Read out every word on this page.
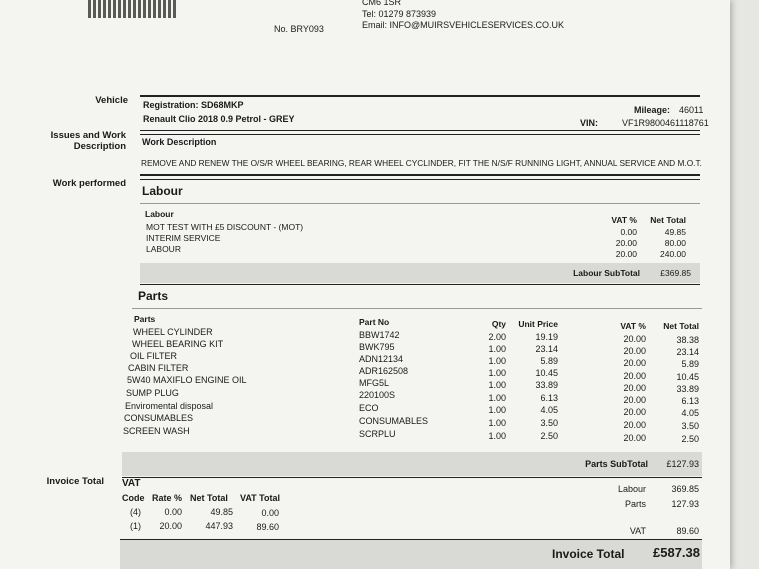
CM6 1SR
Tel: 01279 873939
Email: INFO@MUIRSVEHICLESERVICES.CO.UK
No. BRY093
Vehicle Registration: SD68MKP
Renault Clio 2018 0.9 Petrol - GREY
Mileage: 46011
VIN:	VF1R9800461118761
Issues and Work
Description Work Description
REMOVE AND RENEW THE O/S/R WHEEL BEARING, REAR WHEEL CYCLINDER, FIT THE N/S/F RUNNING LIGHT, ANNUAL SERVICE AND M.O.T.
Work performed
Labour
Labour
VAT %	Net Total
MOT TEST WITH £5 DISCOUNT - (MOT)	0.00	49.85
INTERIM SERVICE	20.00	80.00
LABOUR	20.00	240.00
Labour SubTotal	£369.85
Parts
Parts	Part No	Qty	Unit Price	VAT %	Net Total
WHEEL CYLINDER	BBW1742	2.00	19.19	20.00	38.38
WHEEL BEARING KIT	BWK795	1.00	23.14	20.00	23.14
OIL FILTER	ADN12134	1.00	5.89	20.00	5.89
CABIN FILTER	ADR162508	1.00	10.45	20.00	10.45
5W40 MAXIFLO ENGINE OIL	MFG5L	1.00	33.89	20.00	33.89
SUMP PLUG	220100S	1.00	6.13	20.00	6.13
Enviromental disposal	ECO	1.00	4.05	20.00	4.05
CONSUMABLES	CONSUMABLES	1.00	3.50	20.00	3.50
SCREEN WASH	SCRPLU	1.00	2.50	20.00	2.50
Parts SubTotal	£127.93
Invoice Total VAT
Code Rate % Net Total VAT Total
(4)	0.00	49.85	0.00
(1)	20.00	447.93	89.60
Labour	369.85
Parts	127.93
VAT	89.60
Invoice Total	£587.38
